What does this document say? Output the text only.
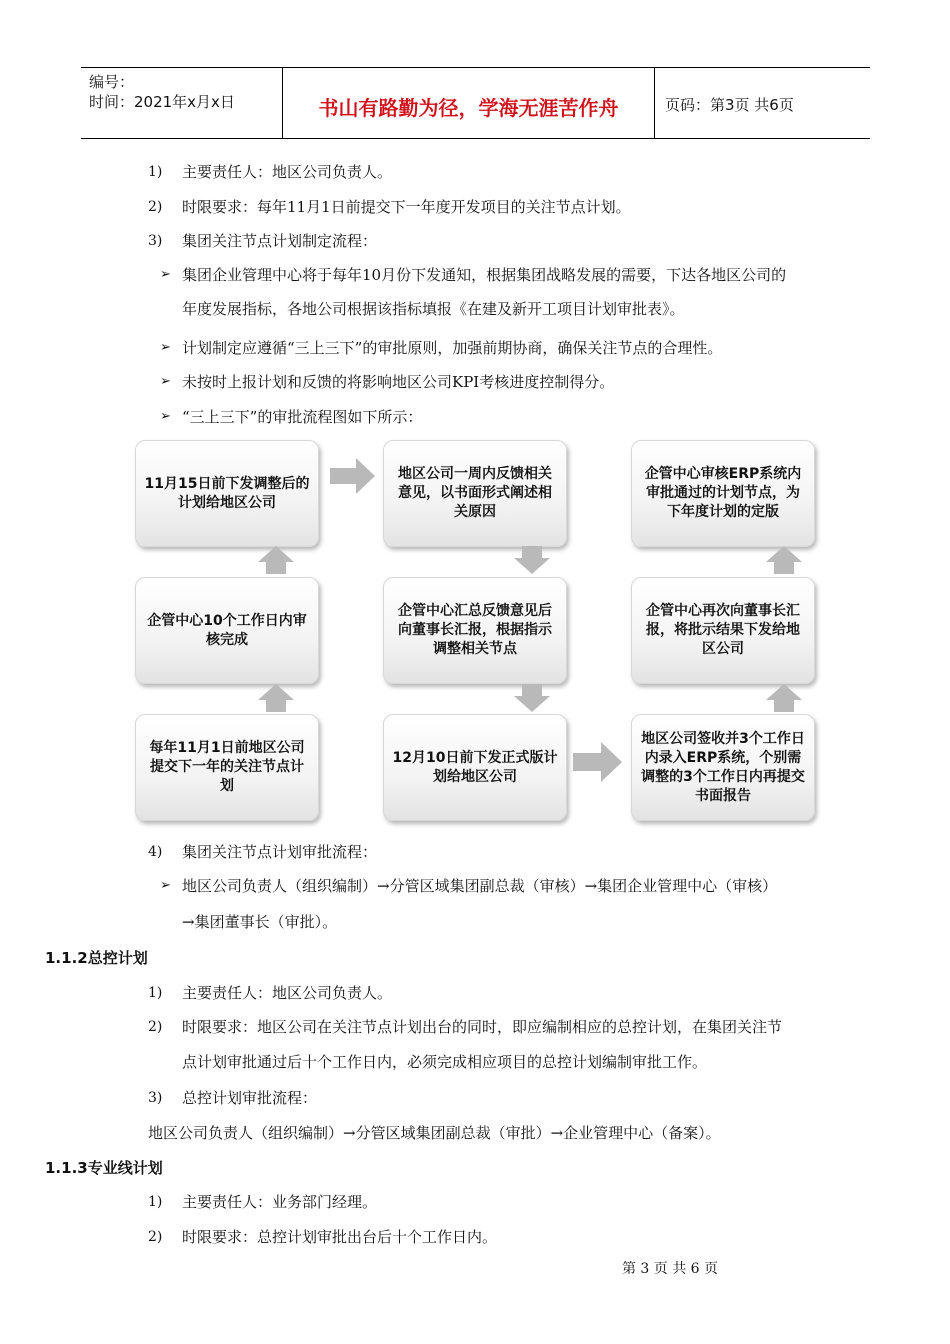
编号：
时间：2021年x月x日	书山有路勤为径，学海无涯苦作舟	页码：第3页 共6页
1) 主要责任人：地区公司负责人。
2) 时限要求：每年11月1日前提交下一年度开发项目的关注节点计划。
3) 集团关注节点计划制定流程：
➢ 集团企业管理中心将于每年10月份下发通知，根据集团战略发展的需要，下达各地区公司的
年度发展指标，各地公司根据该指标填报《在建及新开工项目计划审批表》。
➢ 计划制定应遵循“三上三下”的审批原则，加强前期协商，确保关注节点的合理性。
➢ 未按时上报计划和反馈的将影响地区公司KPI考核进度控制得分。
➢ “三上三下”的审批流程图如下所示：
11月15日前下发调整后的计划给地区公司
地区公司一周内反馈相关意见，以书面形式阐述相关原因
企管中心审核ERP系统内审批通过的计划节点，为下年度计划的定版
企管中心10个工作日内审核完成
企管中心汇总反馈意见后向董事长汇报，根据指示调整相关节点
企管中心再次向董事长汇报，将批示结果下发给地区公司
每年11月1日前地区公司提交下一年的关注节点计划
12月10日前下发正式版计划给地区公司
地区公司签收并3个工作日内录入ERP系统，个别需调整的3个工作日内再提交书面报告
4) 集团关注节点计划审批流程：
➢ 地区公司负责人（组织编制）→分管区域集团副总裁（审核）→集团企业管理中心（审核）
→集团董事长（审批）。
1.1.2总控计划
1) 主要责任人：地区公司负责人。
2) 时限要求：地区公司在关注节点计划出台的同时，即应编制相应的总控计划，在集团关注节
点计划审批通过后十个工作日内，必须完成相应项目的总控计划编制审批工作。
3) 总控计划审批流程：
地区公司负责人（组织编制）→分管区域集团副总裁（审批）→企业管理中心（备案）。
1.1.3专业线计划
1) 主要责任人：业务部门经理。
2) 时限要求：总控计划审批出台后十个工作日内。
第 3 页 共 6 页
